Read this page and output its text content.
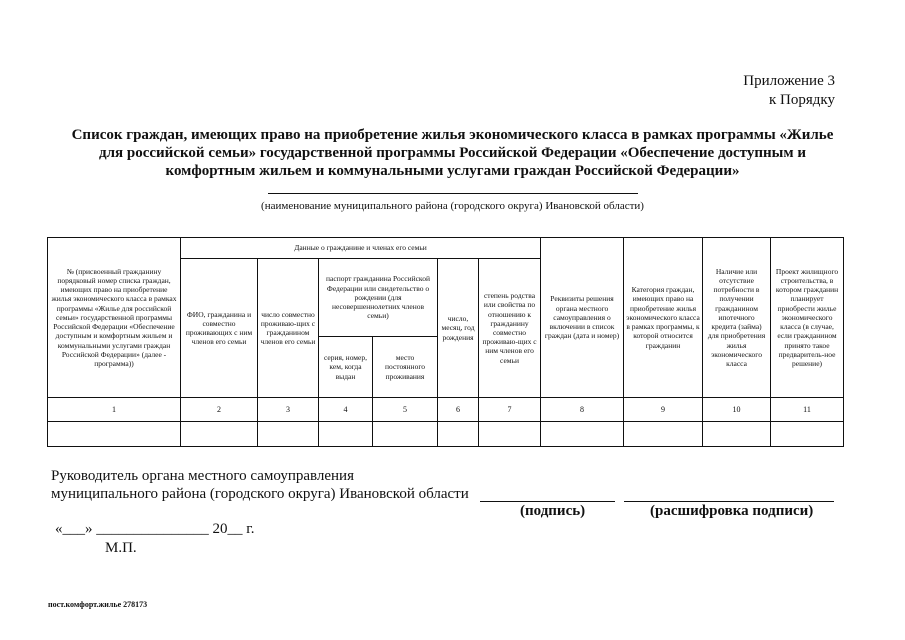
Приложение 3
к Порядку
Список граждан, имеющих право на приобретение жилья экономического класса в рамках программы «Жилье для российской семьи» государственной программы Российской Федерации «Обеспечение доступным и комфортным жильем и коммунальными услугами граждан Российской Федерации»
(наименование муниципального района (городского округа) Ивановской области)
№ (присвоенный гражданину порядковый номер списка граждан, имеющих право на приобретение жилья экономического класса в рамках программы «Жилье для российской семьи» государственной программы Российской Федерации «Обеспечение доступным и комфортным жильем и коммунальными услугами граждан Российской Федерации» (далее - программа))	Данные о гражданине и членах его семьи						Реквизиты решения органа местного самоуправления о включении в список граждан (дата и номер)	Категория граждан, имеющих право на приобретение жилья экономического класса в рамках программы, к которой относится гражданин	Наличие или отсутствие потребности в получении гражданином ипотечного кредита (займа) для приобретения жилья экономического класса	Проект жилищного строительства, в котором гражданин планирует приобрести жилье экономического класса (в случае, если гражданином принято такое предваритель-ное решение)
	ФИО, гражданина и совместно проживающих с ним членов его семьи	число совместно проживаю-щих с гражданином членов его семьи	паспорт гражданина Российской Федерации или свидетельство о рождении (для несовершеннолетних членов семьи)		число, месяц, год рождения	степень родства или свойства по отношению к гражданину совместно проживаю-щих с ним членов его семьи				
			серия, номер, кем, когда выдан	место постоянного проживания						
1	2	3	4	5	6	7	8	9	10	11

Руководитель органа местного самоуправления
муниципального района (городского округа) Ивановской области
(подпись)	(расшифровка подписи)
«___» _______________ 20__ г.
М.П.
пост.комфорт.жилье 278173
